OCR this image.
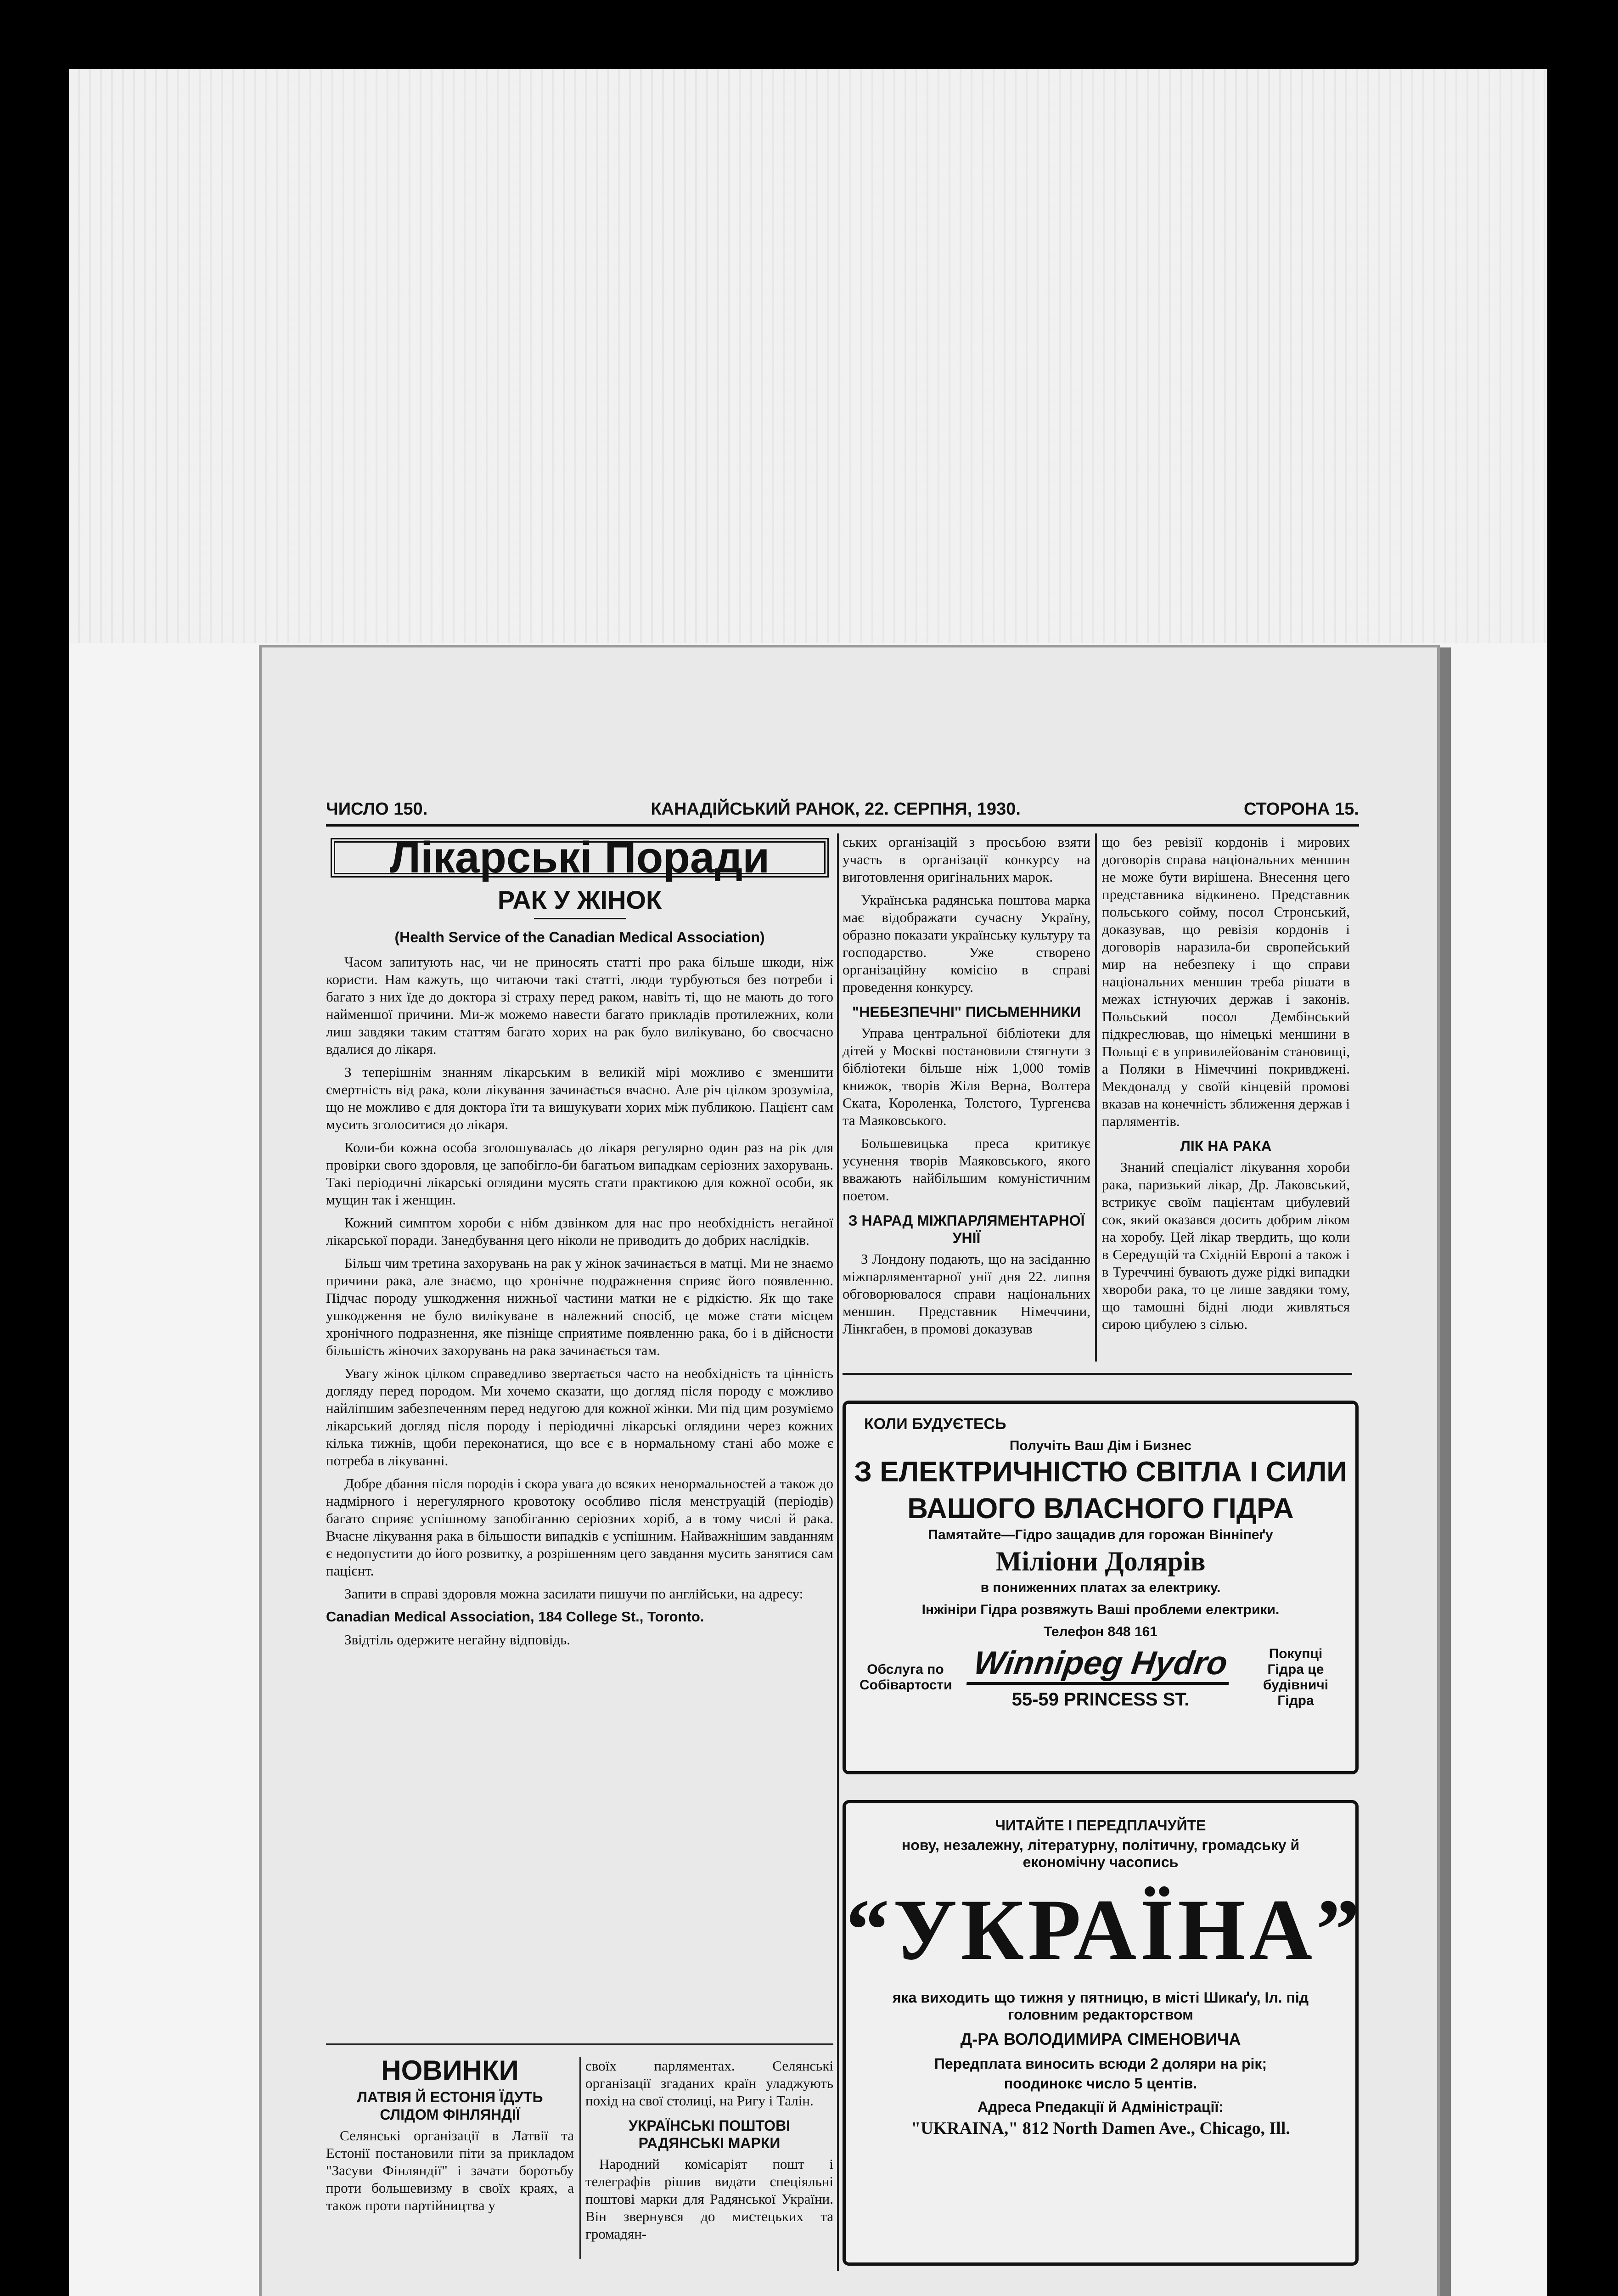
ЧИСЛО 150.	КАНАДІЙСЬКИЙ РАНОК, 22. СЕРПНЯ, 1930.	СТОРОНА 15.
Лікарські Поради
РАК У ЖІНОК
(Health Service of the Canadian Medical Association)

Часом запитують нас, чи не приносять статті про рака більше шкоди, ніж користи. Нам кажуть, що читаючи такі статті, люди турбуються без потреби і багато з них їде до доктора зі страху перед раком, навіть ті, що не мають до того найменшої причини. Ми-ж можемо навести багато прикладів протилежних, коли лиш завдяки таким статтям багато хорих на рак було вилікувано, бо своєчасно вдалися до лікаря.

З теперішнім знанням лікарським в великій мірі можливо є зменшити смертність від рака, коли лікування зачинається вчасно. Але річ цілком зрозуміла, що не можливо є для доктора їти та вишукувати хорих між публикою. Пацієнт сам мусить зголоситися до лікаря.

Коли-би кожна особа зголошувалась до лікаря регулярно один раз на рік для провірки свого здоровля, це запобігло-би багатьом випадкам серіозних захорувань. Такі періодичні лікарські оглядини мусять стати практикою для кожної особи, як мущин так і женщин.

Кожний симптом хороби є нібм дзвінком для нас про необхідність негайної лікарської поради. Занедбування цего ніколи не приводить до добрих наслідків.

Більш чим третина захорувань на рак у жінок зачинається в матці. Ми не знаємо причини рака, але знаємо, що хронічне подражнення сприяє його появленню. Підчас породу ушкодження нижньої частини матки не є рідкістю. Як що таке ушкодження не було вилікуване в належний спосіб, це може стати місцем хронічного подразнення, яке пізніще сприятиме появленню рака, бо і в дійсности більшість жіночих захорувань на рака зачинається там.

Увагу жінок цілком справедливо звертається часто на необхідність та цінність догляду перед породом. Ми хочемо сказати, що догляд після породу є можливо найліпшим забезпеченням перед недугою для кожної жінки. Ми під цим розуміємо лікарський догляд після породу і періодичні лікарські оглядини через кожних кілька тижнів, щоби переконатися, що все є в нормальному стані або може є потреба в лікуванні.

Добре дбання після породів і скора увага до всяких ненормальностей а також до надмірного і нерегулярного кровотоку особливо після менструацій (періодів) багато сприяє успішному запобіганню серіозних хоріб, а в тому числі й рака. Вчасне лікування рака в більшости випадків є успішним. Найважнішим завданням є недопустити до його розвитку, а розрішенням цего завдання мусить занятися сам пацієнт.

Запити в справі здоровля можна засилати пишучи по англійськи, на адресу:

Canadian Medical Association, 184 College St., Toronto.

Звідтіль одержите негайну відповідь.

ських організацій з просьбою взяти участь в організації конкурсу на виготовлення оригінальних марок.

Українська радянська поштова марка має відображати сучасну Україну, образно показати українську культуру та господарство. Уже створено організаційну комісію в справі проведення конкурсу.

"НЕБЕЗПЕЧНІ" ПИСЬМЕННИКИ

Управа центральної бібліотеки для дітей у Москві постановили стягнути з бібліотеки більше ніж 1,000 томів книжок, творів Жіля Верна, Волтера Ската, Короленка, Толстого, Тургенєва та Маяковського.

Большевицька преса критикує усунення творів Маяковського, якого вважають найбільшим комуністичним поетом.

З НАРАД МІЖПАРЛЯМЕНТАРНОЇ УНІЇ

З Лондону подають, що на засіданню міжпарляментарної унії дня 22. липня обговорювалося справи національних меншин. Представник Німеччини, Лінкгабен, в промові доказував

що без ревізії кордонів і мирових договорів справа національних меншин не може бути вирішена. Внесення цего представника відкинено. Представник польського сойму, посол Стронський, доказував, що ревізія кордонів і договорів наразила-би європейський мир на небезпеку і що справи національних меншин треба рішати в межах істнуючих держав і законів. Польський посол Дембінський підкреслював, що німецькі меншини в Польщі є в упривилейованім становищі, а Поляки в Німеччині покривджені. Мекдоналд у своїй кінцевій промові вказав на конечність зближення держав і парляментів.

ЛІК НА РАКА

Знаний спеціаліст лікування хороби рака, паризький лікар, Др. Лаковський, встрикує своїм пацієнтам цибулевий сок, який оказався досить добрим ліком на хоробу. Цей лікар твердить, що коли в Середущій та Східній Европі а також і в Туреччині бувають дуже рідкі випадки хвороби рака, то це лише завдяки тому, що тамошні бідні люди живляться сирою цибулею з сілью.

КОЛИ БУДУЄТЕСЬ

Получіть Ваш Дім і Бизнес

З ЕЛЕКТРИЧНІСТЮ СВІТЛА І СИЛИ
ВАШОГО ВЛАСНОГО ГІДРА

Памятайте—Гідро защадив для горожан Вінніпеґу

Міліони Долярів

в пониженних платах за електрику.

Інжініри Гідра розвяжуть Ваші проблеми електрики.

Телефон 848 161

Обслуга по Собівартости
Winnipeg Hydro
55-59 PRINCESS ST.
Покупці Гідра це будівничі Гідра
ЧИТАЙТЕ І ПЕРЕДПЛАЧУЙТЕ
нову, незалежну, літературну, політичну, громадську й економічну часопись
“УКРАЇНА”
яка виходить що тижня у пятницю, в місті Шикаґу, Іл. під головним редакторством
Д-РА ВОЛОДИМИРА СІМЕНОВИЧА
Передплата виносить всюди 2 доляри на рік;
поодинокє число 5 центів.
Адреса Рпедакції й Адміністрації:
"UKRAINA," 812 North Damen Ave., Chicago, Ill.
НОВИНКИ
ЛАТВІЯ Й ЕСТОНІЯ ЇДУТЬ СЛІДОМ ФІНЛЯНДІЇ

Селянські організації в Латвії та Естонії постановили піти за прикладом "Засуви Фінляндії" і зачати боротьбу проти большевизму в своїх краях, а також проти партійництва у

своїх парляментах. Селянські організації згаданих країн уладжують похід на свої столиці, на Ригу і Талін.

УКРАЇНСЬКІ ПОШТОВІ РАДЯНСЬКІ МАРКИ

Народний комісаріят пошт і телеграфів рішив видати спеціяльні поштові марки для Радянської України. Він звернувся до мистецьких та громадян-
